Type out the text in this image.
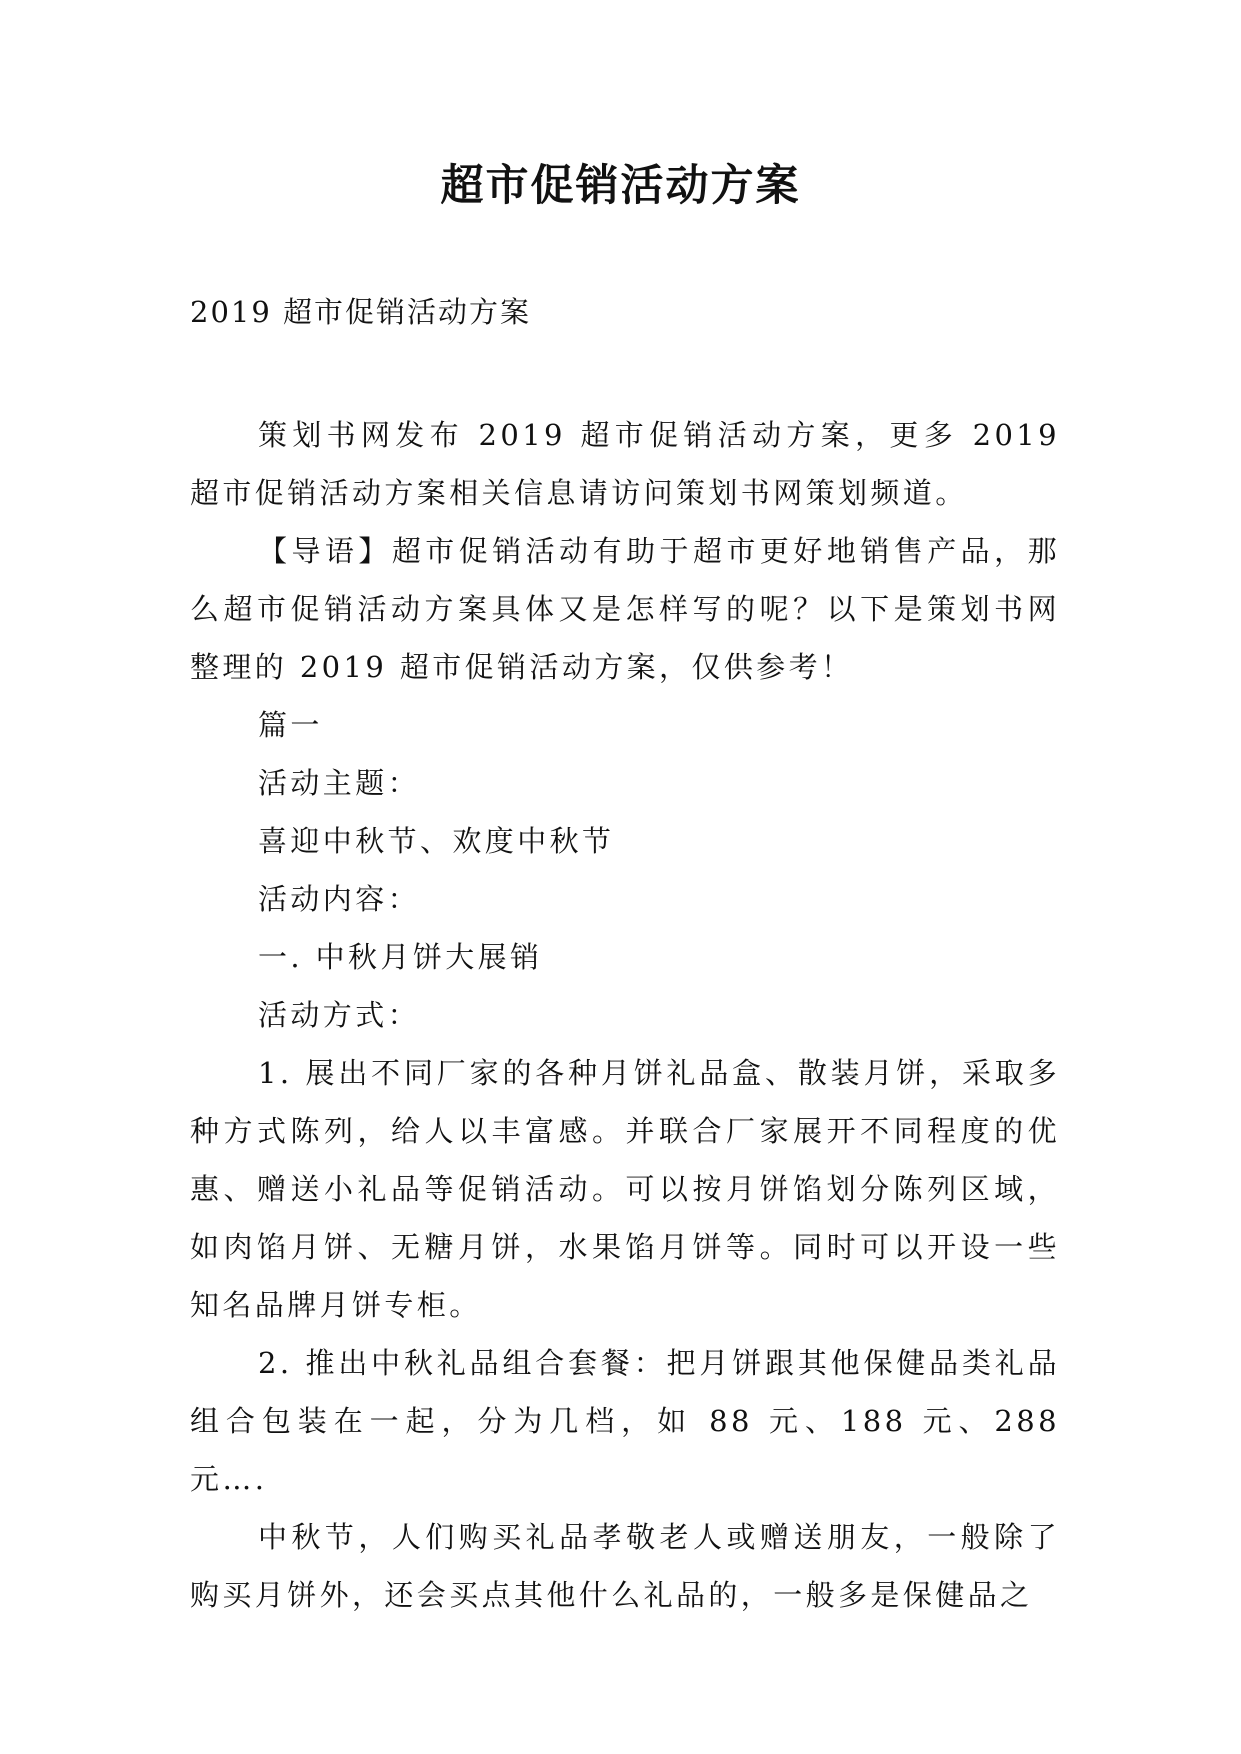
超市促销活动方案
2019 超市促销活动方案

策划书网发布 2019 超市促销活动方案，更多 2019 超市促销活动方案相关信息请访问策划书网策划频道。

【导语】超市促销活动有助于超市更好地销售产品，那么超市促销活动方案具体又是怎样写的呢？以下是策划书网整理的 2019 超市促销活动方案，仅供参考！

篇一

活动主题：

喜迎中秋节、欢度中秋节

活动内容：

一. 中秋月饼大展销

活动方式：

1. 展出不同厂家的各种月饼礼品盒、散装月饼，采取多种方式陈列，给人以丰富感。并联合厂家展开不同程度的优惠、赠送小礼品等促销活动。可以按月饼馅划分陈列区域，如肉馅月饼、无糖月饼，水果馅月饼等。同时可以开设一些知名品牌月饼专柜。

2. 推出中秋礼品组合套餐：把月饼跟其他保健品类礼品组合包装在一起，分为几档，如 88 元、188 元、288 元….

中秋节，人们购买礼品孝敬老人或赠送朋友，一般除了购买月饼外，还会买点其他什么礼品的，一般多是保健品之
